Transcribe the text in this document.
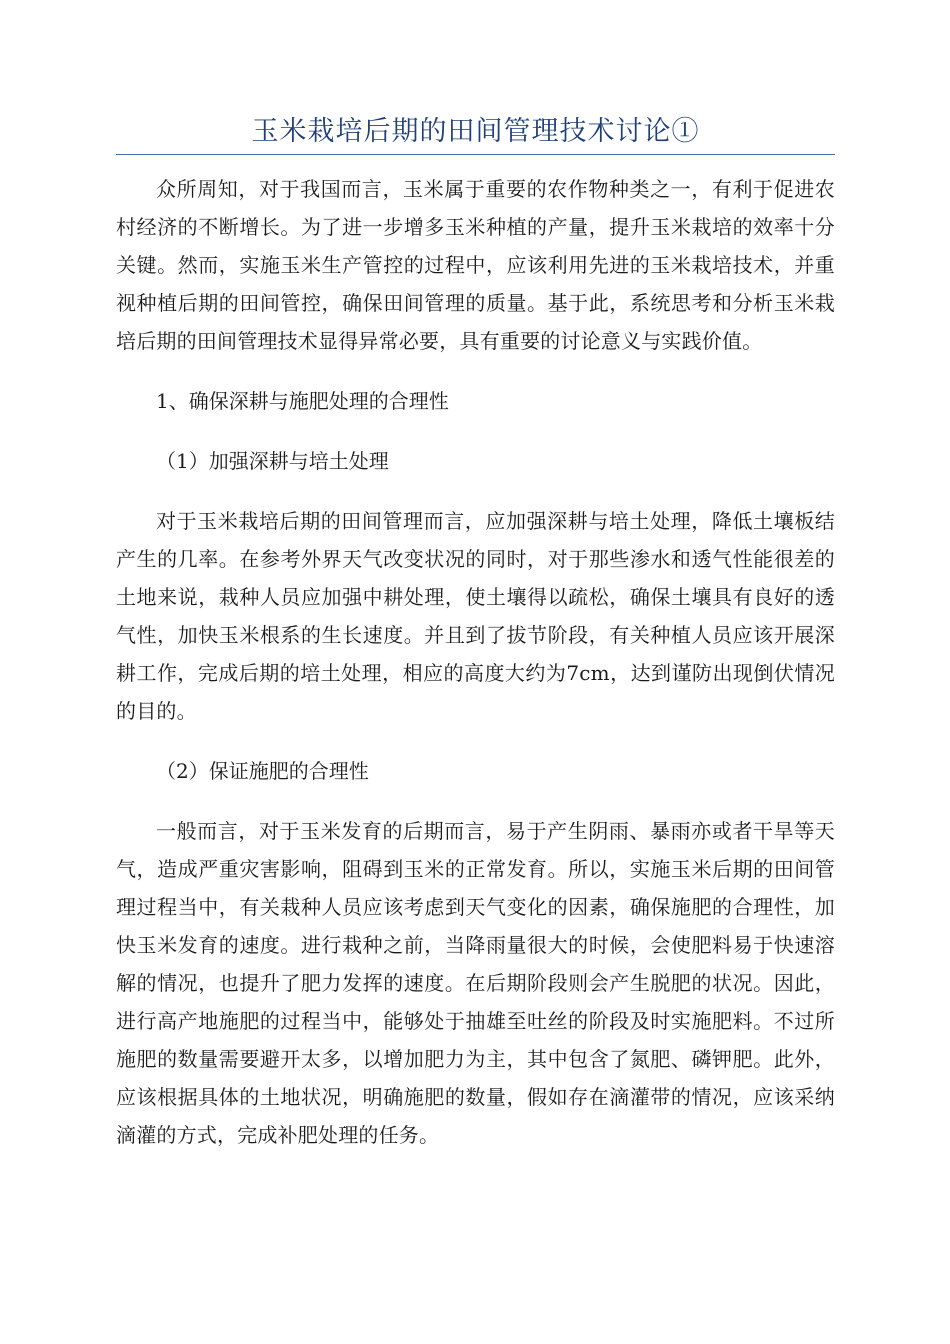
玉米栽培后期的田间管理技术讨论①

众所周知，对于我国而言，玉米属于重要的农作物种类之一，有利于促进农村经济的不断增长。为了进一步增多玉米种植的产量，提升玉米栽培的效率十分关键。然而，实施玉米生产管控的过程中，应该利用先进的玉米栽培技术，并重视种植后期的田间管控，确保田间管理的质量。基于此，系统思考和分析玉米栽培后期的田间管理技术显得异常必要，具有重要的讨论意义与实践价值。

1、确保深耕与施肥处理的合理性

（1）加强深耕与培土处理

对于玉米栽培后期的田间管理而言，应加强深耕与培土处理，降低土壤板结产生的几率。在参考外界天气改变状况的同时，对于那些渗水和透气性能很差的土地来说，栽种人员应加强中耕处理，使土壤得以疏松，确保土壤具有良好的透气性，加快玉米根系的生长速度。并且到了拔节阶段，有关种植人员应该开展深耕工作，完成后期的培土处理，相应的高度大约为7cm，达到谨防出现倒伏情况的目的。

（2）保证施肥的合理性

一般而言，对于玉米发育的后期而言，易于产生阴雨、暴雨亦或者干旱等天气，造成严重灾害影响，阻碍到玉米的正常发育。所以，实施玉米后期的田间管理过程当中，有关栽种人员应该考虑到天气变化的因素，确保施肥的合理性，加快玉米发育的速度。进行栽种之前，当降雨量很大的时候，会使肥料易于快速溶解的情况，也提升了肥力发挥的速度。在后期阶段则会产生脱肥的状况。因此，进行高产地施肥的过程当中，能够处于抽雄至吐丝的阶段及时实施肥料。不过所施肥的数量需要避开太多，以增加肥力为主，其中包含了氮肥、磷钾肥。此外，应该根据具体的土地状况，明确施肥的数量，假如存在滴灌带的情况，应该采纳滴灌的方式，完成补肥处理的任务。
